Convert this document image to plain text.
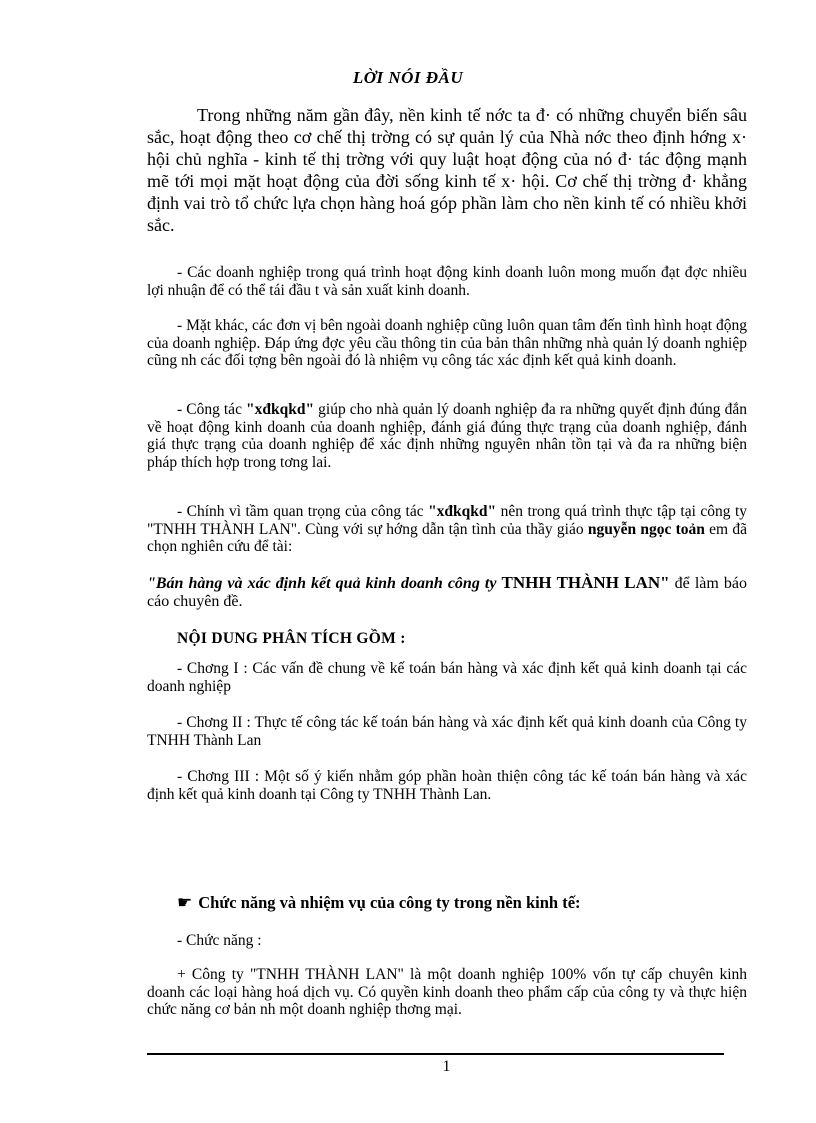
LỜI NÓI ĐẦU

Trong những năm gần đây, nền kinh tế nớc ta đ· có những chuyển biến sâu sắc, hoạt động theo cơ chế thị trờng có sự quản lý của Nhà nớc theo định hớng x· hội chủ nghĩa - kinh tế thị trờng với quy luật hoạt động của nó đ· tác động mạnh mẽ tới mọi mặt hoạt động của đời sống kinh tế x· hội. Cơ chế thị trờng đ· khẳng định vai trò tổ chức lựa chọn hàng hoá góp phần làm cho nền kinh tế có nhiều khởi sắc.

- Các doanh nghiệp trong quá trình hoạt động kinh doanh luôn mong muốn đạt đợc nhiều lợi nhuận để có thể tái đầu t và sản xuất kinh doanh.

- Mặt khác, các đơn vị bên ngoài doanh nghiệp cũng luôn quan tâm đến tình hình hoạt động của doanh nghiệp. Đáp ứng đợc yêu cầu thông tin của bản thân những nhà quản lý doanh nghiệp cũng nh các đối tợng bên ngoài đó là nhiệm vụ công tác xác định kết quả kinh doanh.

- Công tác "xđkqkd" giúp cho nhà quản lý doanh nghiệp đa ra những quyết định đúng đắn về hoạt động kinh doanh của doanh nghiệp, đánh giá đúng thực trạng của doanh nghiệp, đánh giá thực trạng của doanh nghiệp để xác định những nguyên nhân tồn tại và đa ra những biện pháp thích hợp trong tơng lai.

- Chính vì tầm quan trọng của công tác "xđkqkd" nên trong quá trình thực tập tại công ty "TNHH THÀNH LAN". Cùng với sự hớng dẫn tận tình của thầy giáo nguyễn ngọc toản em đã chọn nghiên cứu để tài:

"Bán hàng và xác định kết quả kinh doanh công ty TNHH THÀNH LAN" để làm báo cáo chuyên đề.

NỘI DUNG PHÂN TÍCH GỒM :

- Chơng I : Các vấn đề chung về kế toán bán hàng và xác định kết quả kinh doanh tại các doanh nghiệp

- Chơng II : Thực tế công tác kế toán bán hàng và xác định kết quả kinh doanh của Công ty TNHH Thành Lan

- Chơng III : Một số ý kiến nhằm góp phần hoàn thiện công tác kế toán bán hàng và xác định kết quả kinh doanh tại Công ty TNHH Thành Lan.

☛ Chức năng và nhiệm vụ của công ty trong nền kinh tế:
- Chức năng :

+ Công ty "TNHH THÀNH LAN" là một doanh nghiệp 100% vốn tự cấp chuyên kinh doanh các loại hàng hoá dịch vụ. Có quyền kinh doanh theo phẩm cấp của công ty và thực hiện chức năng cơ bản nh một doanh nghiệp thơng mại.

1
